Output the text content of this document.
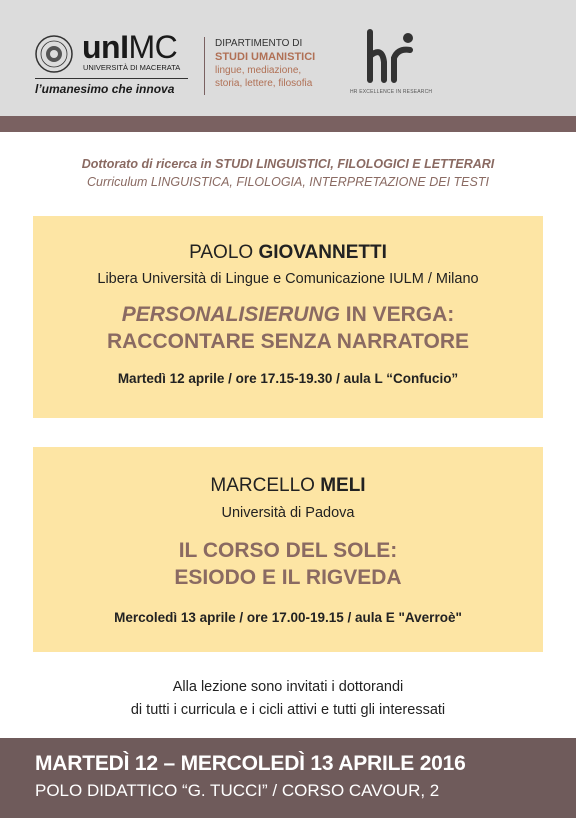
unIMC
UNIVERSITÀ DI MACERATA
l’umanesimo che innova
DIPARTIMENTO DI
STUDI UMANISTICI
lingue, mediazione,
storia, lettere, filosofia
HR EXCELLENCE IN RESEARCH
Dottorato di ricerca in STUDI LINGUISTICI, FILOLOGICI E LETTERARI
Curriculum LINGUISTICA, FILOLOGIA, INTERPRETAZIONE DEI TESTI
PAOLO GIOVANNETTI
Libera Università di Lingue e Comunicazione IULM / Milano
PERSONALISIERUNG IN VERGA:
RACCONTARE SENZA NARRATORE
Martedì 12 aprile / ore 17.15-19.30 / aula L “Confucio”
MARCELLO MELI
Università di Padova
IL CORSO DEL SOLE:
ESIODO E IL RIGVEDA
Mercoledì 13 aprile / ore 17.00-19.15 / aula E "Averroè"
Alla lezione sono invitati i dottorandi
di tutti i curricula e i cicli attivi e tutti gli interessati
MARTEDÌ 12 – MERCOLEDÌ 13 APRILE 2016
POLO DIDATTICO “G. TUCCI” / CORSO CAVOUR, 2
